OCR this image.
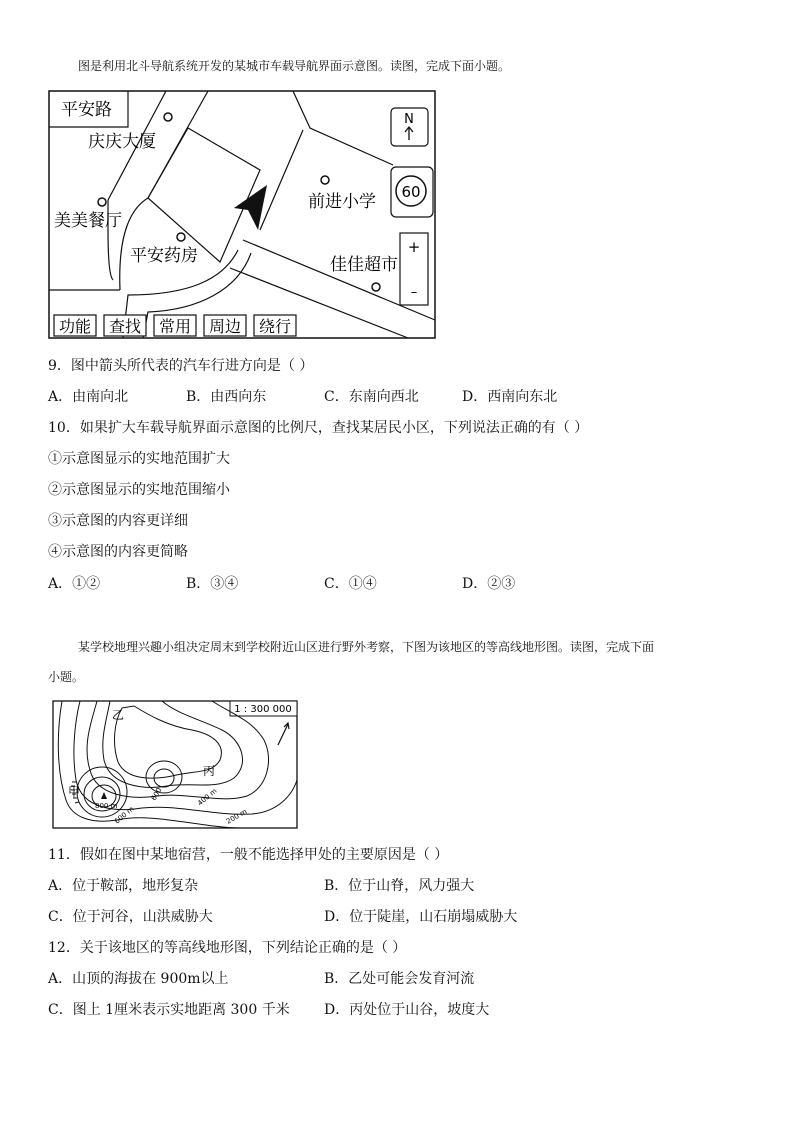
图是利用北斗导航系统开发的某城市车载导航界面示意图。读图，完成下面小题。
N
60
+
–
平安路
庆庆大厦
美美餐厅
平安药房
前进小学
佳佳超市
功能 查找 常用 周边 绕行
9．图中箭头所代表的汽车行进方向是（ ）
A．由南向北	B．由西向东	C．东南向西北	D．西南向东北
10．如果扩大车载导航界面示意图的比例尺，查找某居民小区，下列说法正确的有（ ）
①示意图显示的实地范围扩大
②示意图显示的实地范围缩小
③示意图的内容更详细
④示意图的内容更简略
A．①②	B．③④	C．①④	D．②③
某学校地理兴趣小组决定周末到学校附近山区进行野外考察，下图为该地区的等高线地形图。读图，完成下面
小题。
1 : 300 000
800 m
乙
丙
甲
600 m
600	400 m
200 m
11．假如在图中某地宿营，一般不能选择甲处的主要原因是（ ）
A．位于鞍部，地形复杂	B．位于山脊，风力强大
C．位于河谷，山洪威胁大	D．位于陡崖，山石崩塌威胁大
12．关于该地区的等高线地形图，下列结论正确的是（ ）
A．山顶的海拔在 900m以上	B．乙处可能会发育河流
C．图上 1厘米表示实地距离 300 千米 D．丙处位于山谷，坡度大
